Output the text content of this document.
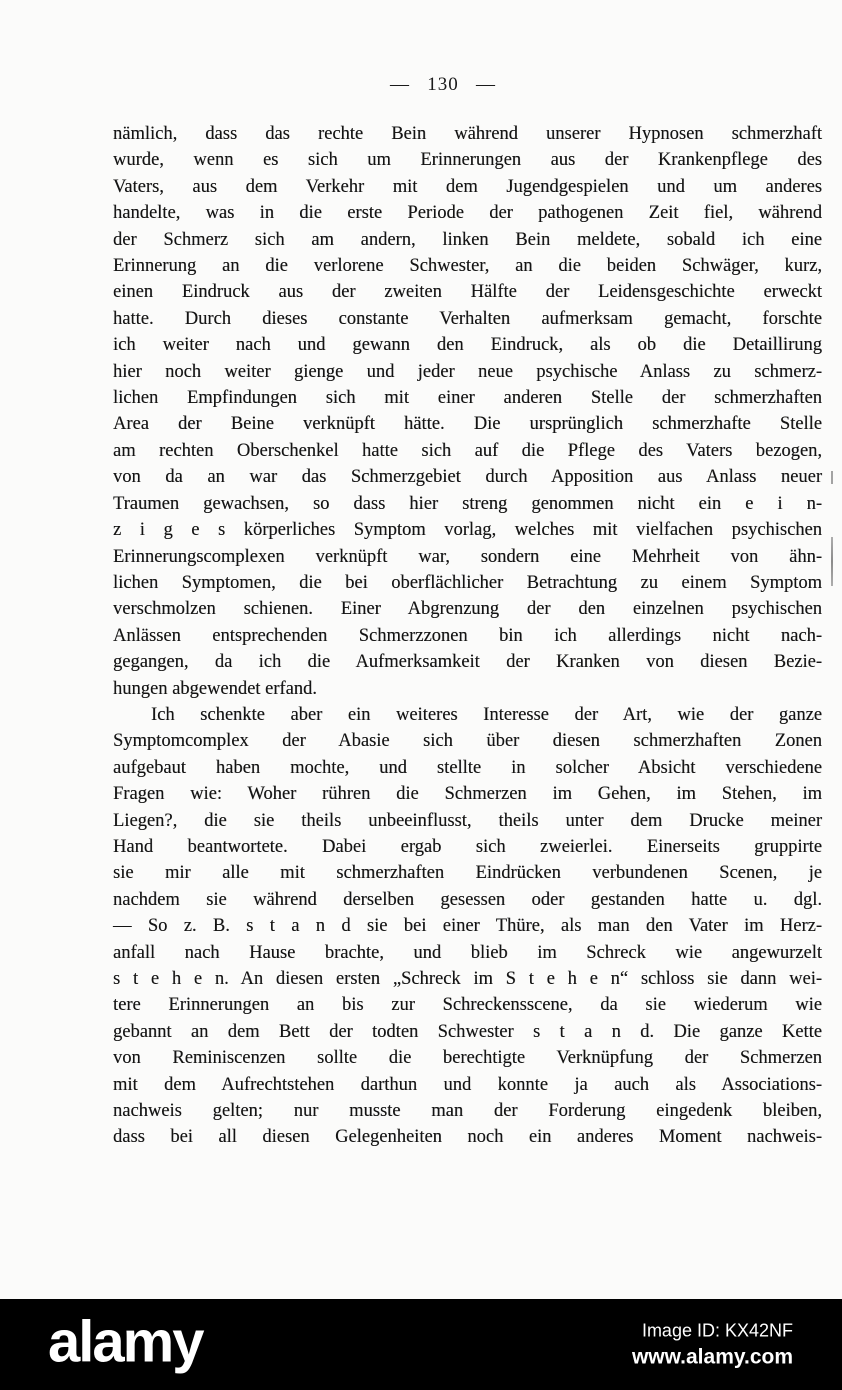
—   130   —
nämlich, dass das rechte Bein während unserer Hypnosen schmerzhaft
wurde, wenn es sich um Erinnerungen aus der Krankenpflege des
Vaters, aus dem Verkehr mit dem Jugendgespielen und um anderes
handelte, was in die erste Periode der pathogenen Zeit fiel, während
der Schmerz sich am andern, linken Bein meldete, sobald ich eine
Erinnerung an die verlorene Schwester, an die beiden Schwäger, kurz,
einen Eindruck aus der zweiten Hälfte der Leidensgeschichte erweckt
hatte. Durch dieses constante Verhalten aufmerksam gemacht, forschte
ich weiter nach und gewann den Eindruck, als ob die Detaillirung
hier noch weiter gienge und jeder neue psychische Anlass zu schmerz-
lichen Empfindungen sich mit einer anderen Stelle der schmerzhaften
Area der Beine verknüpft hätte. Die ursprünglich schmerzhafte Stelle
am rechten Oberschenkel hatte sich auf die Pflege des Vaters bezogen,
von da an war das Schmerzgebiet durch Apposition aus Anlass neuer
Traumen gewachsen, so dass hier streng genommen nicht ein e i n-
z i g e s körperliches Symptom vorlag, welches mit vielfachen psychischen
Erinnerungscomplexen verknüpft war, sondern eine Mehrheit von ähn-
lichen Symptomen, die bei oberflächlicher Betrachtung zu einem Symptom
verschmolzen schienen. Einer Abgrenzung der den einzelnen psychischen
Anlässen entsprechenden Schmerzzonen bin ich allerdings nicht nach-
gegangen, da ich die Aufmerksamkeit der Kranken von diesen Bezie-
hungen abgewendet erfand.
Ich schenkte aber ein weiteres Interesse der Art, wie der ganze
Symptomcomplex der Abasie sich über diesen schmerzhaften Zonen
aufgebaut haben mochte, und stellte in solcher Absicht verschiedene
Fragen wie: Woher rühren die Schmerzen im Gehen, im Stehen, im
Liegen?, die sie theils unbeeinflusst, theils unter dem Drucke meiner
Hand beantwortete. Dabei ergab sich zweierlei. Einerseits gruppirte
sie mir alle mit schmerzhaften Eindrücken verbundenen Scenen, je
nachdem sie während derselben gesessen oder gestanden hatte u. dgl.
— So z. B. s t a n d sie bei einer Thüre, als man den Vater im Herz-
anfall nach Hause brachte, und blieb im Schreck wie angewurzelt
s t e h e n. An diesen ersten „Schreck im S t e h e n“ schloss sie dann wei-
tere Erinnerungen an bis zur Schreckensscene, da sie wiederum wie
gebannt an dem Bett der todten Schwester s t a n d. Die ganze Kette
von Reminiscenzen sollte die berechtigte Verknüpfung der Schmerzen
mit dem Aufrechtstehen darthun und konnte ja auch als Associations-
nachweis gelten; nur musste man der Forderung eingedenk bleiben,
dass bei all diesen Gelegenheiten noch ein anderes Moment nachweis-
alamy	Image ID: KX42NF
www.alamy.com
